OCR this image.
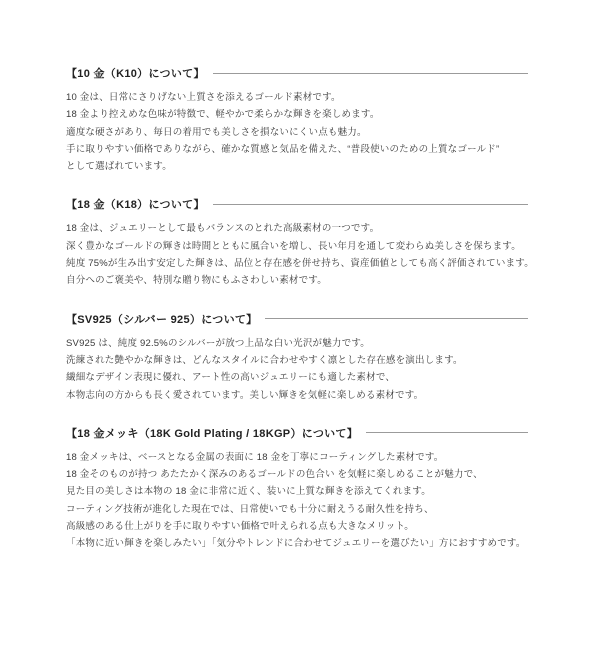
【10 金（K10）について】
10 金は、日常にさりげない上質さを添えるゴールド素材です。
18 金より控えめな色味が特徴で、軽やかで柔らかな輝きを楽しめます。
適度な硬さがあり、毎日の着用でも美しさを損ないにくい点も魅力。
手に取りやすい価格でありながら、確かな質感と気品を備えた、“普段使いのための上質なゴールド”
として選ばれています。
【18 金（K18）について】
18 金は、ジュエリーとして最もバランスのとれた高級素材の一つです。
深く豊かなゴールドの輝きは時間とともに風合いを増し、長い年月を通して変わらぬ美しさを保ちます。
純度 75%が生み出す安定した輝きは、品位と存在感を併せ持ち、資産価値としても高く評価されています。
自分へのご褒美や、特別な贈り物にもふさわしい素材です。
【SV925（シルバー 925）について】
SV925 は、純度 92.5%のシルバーが放つ上品な白い光沢が魅力です。
洗練された艶やかな輝きは、どんなスタイルに合わせやすく凛とした存在感を演出します。
繊細なデザイン表現に優れ、アート性の高いジュエリーにも適した素材で、
本物志向の方からも長く愛されています。美しい輝きを気軽に楽しめる素材です。
【18 金メッキ（18K Gold Plating / 18KGP）について】
18 金メッキは、ベースとなる金属の表面に 18 金を丁寧にコーティングした素材です。
18 金そのものが持つ あたたかく深みのあるゴールドの色合い を気軽に楽しめることが魅力で、
見た目の美しさは本物の 18 金に非常に近く、装いに上質な輝きを添えてくれます。
コーティング技術が進化した現在では、日常使いでも十分に耐えうる耐久性を持ち、
高級感のある仕上がりを手に取りやすい価格で叶えられる点も大きなメリット。
「本物に近い輝きを楽しみたい」「気分やトレンドに合わせてジュエリーを選びたい」方におすすめです。
